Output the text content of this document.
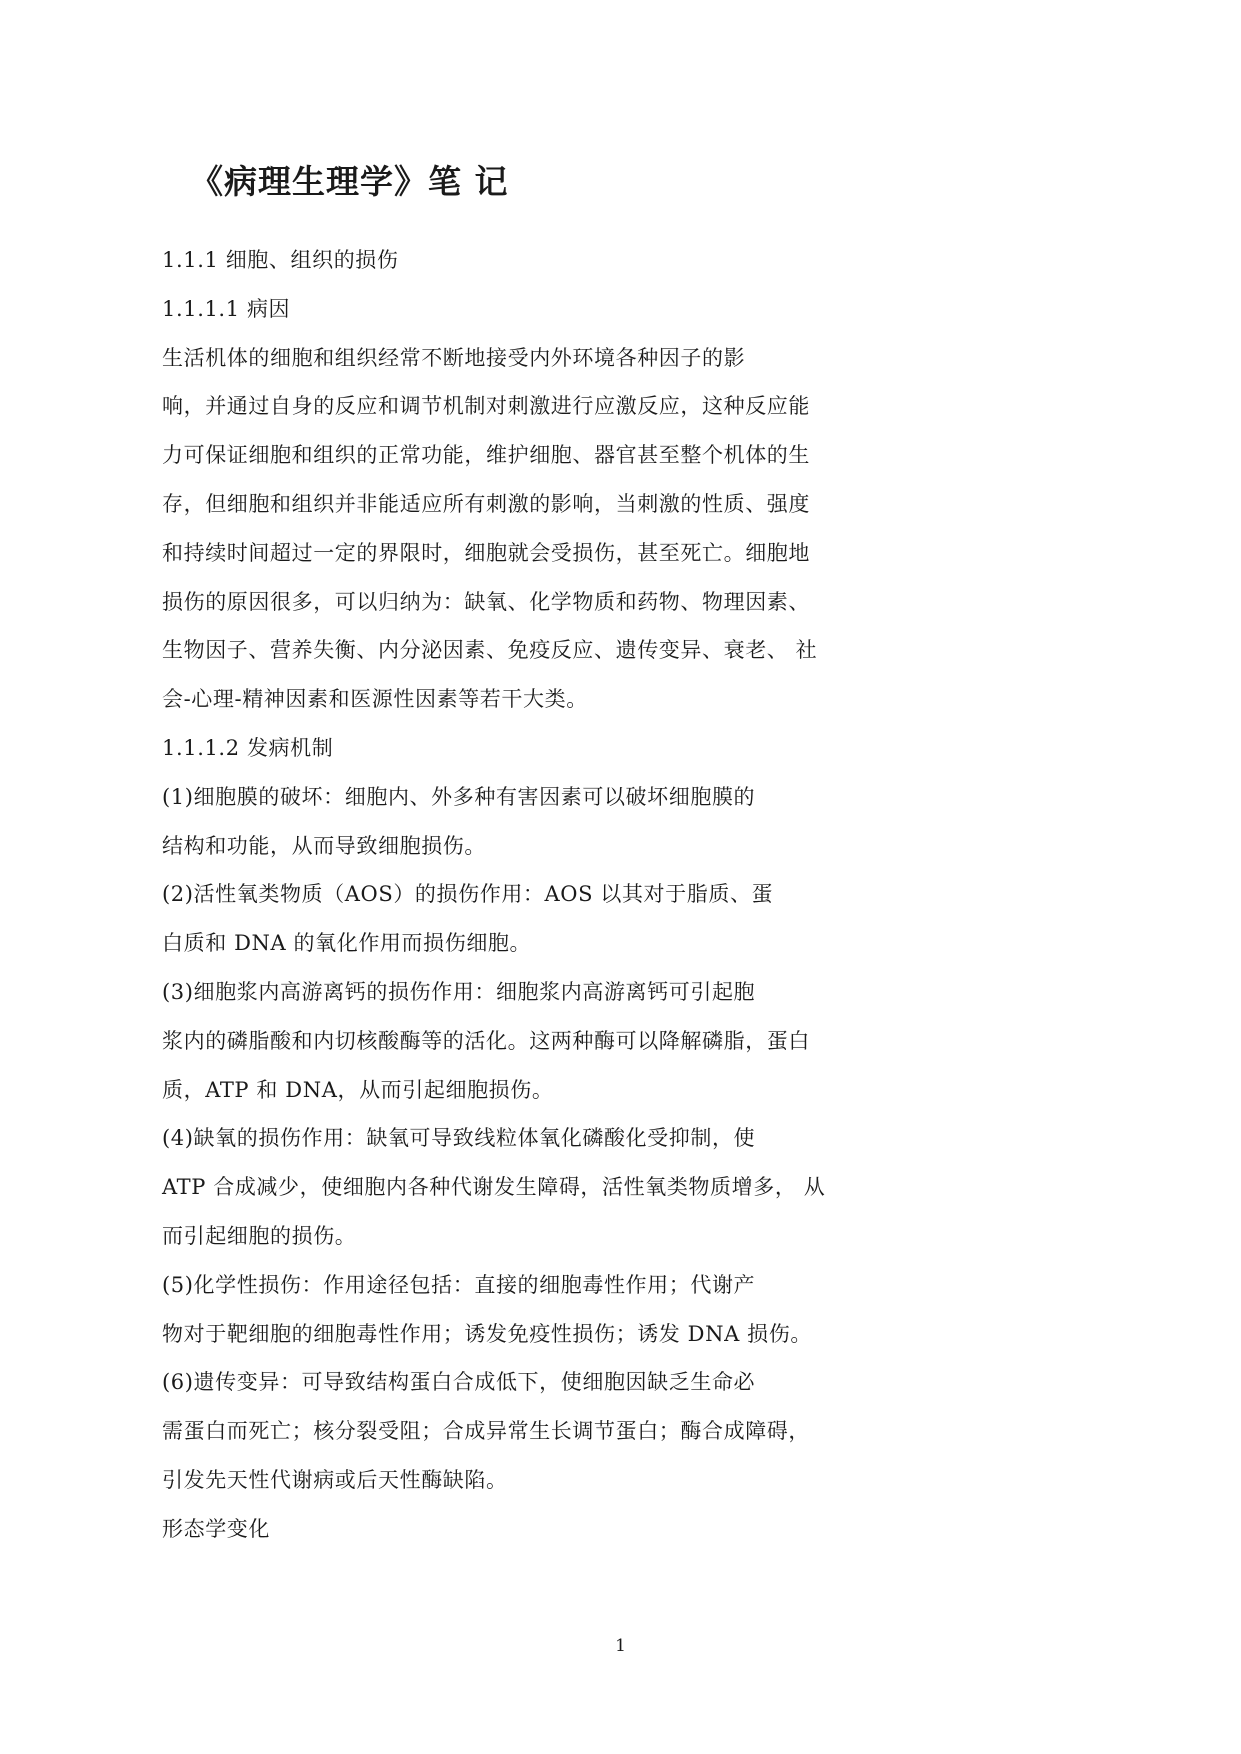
《病理生理学》笔 记
1.1.1 细胞、组织的损伤
1.1.1.1 病因
生活机体的细胞和组织经常不断地接受内外环境各种因子的影
响，并通过自身的反应和调节机制对刺激进行应激反应，这种反应能
力可保证细胞和组织的正常功能，维护细胞、器官甚至整个机体的生
存，但细胞和组织并非能适应所有刺激的影响，当刺激的性质、强度
和持续时间超过一定的界限时，细胞就会受损伤，甚至死亡。细胞地
损伤的原因很多，可以归纳为：缺氧、化学物质和药物、物理因素、
生物因子、营养失衡、内分泌因素、免疫反应、遗传变异、衰老、 社
会-心理-精神因素和医源性因素等若干大类。
1.1.1.2 发病机制
(1)细胞膜的破坏：细胞内、外多种有害因素可以破坏细胞膜的
结构和功能，从而导致细胞损伤。
(2)活性氧类物质（AOS）的损伤作用：AOS 以其对于脂质、蛋
白质和 DNA 的氧化作用而损伤细胞。
(3)细胞浆内高游离钙的损伤作用：细胞浆内高游离钙可引起胞
浆内的磷脂酸和内切核酸酶等的活化。这两种酶可以降解磷脂，蛋白
质，ATP 和 DNA，从而引起细胞损伤。
(4)缺氧的损伤作用：缺氧可导致线粒体氧化磷酸化受抑制，使
ATP 合成减少，使细胞内各种代谢发生障碍，活性氧类物质增多， 从
而引起细胞的损伤。
(5)化学性损伤：作用途径包括：直接的细胞毒性作用；代谢产
物对于靶细胞的细胞毒性作用；诱发免疫性损伤；诱发 DNA 损伤。
(6)遗传变异：可导致结构蛋白合成低下，使细胞因缺乏生命必
需蛋白而死亡；核分裂受阻；合成异常生长调节蛋白；酶合成障碍，
引发先天性代谢病或后天性酶缺陷。
形态学变化
1
